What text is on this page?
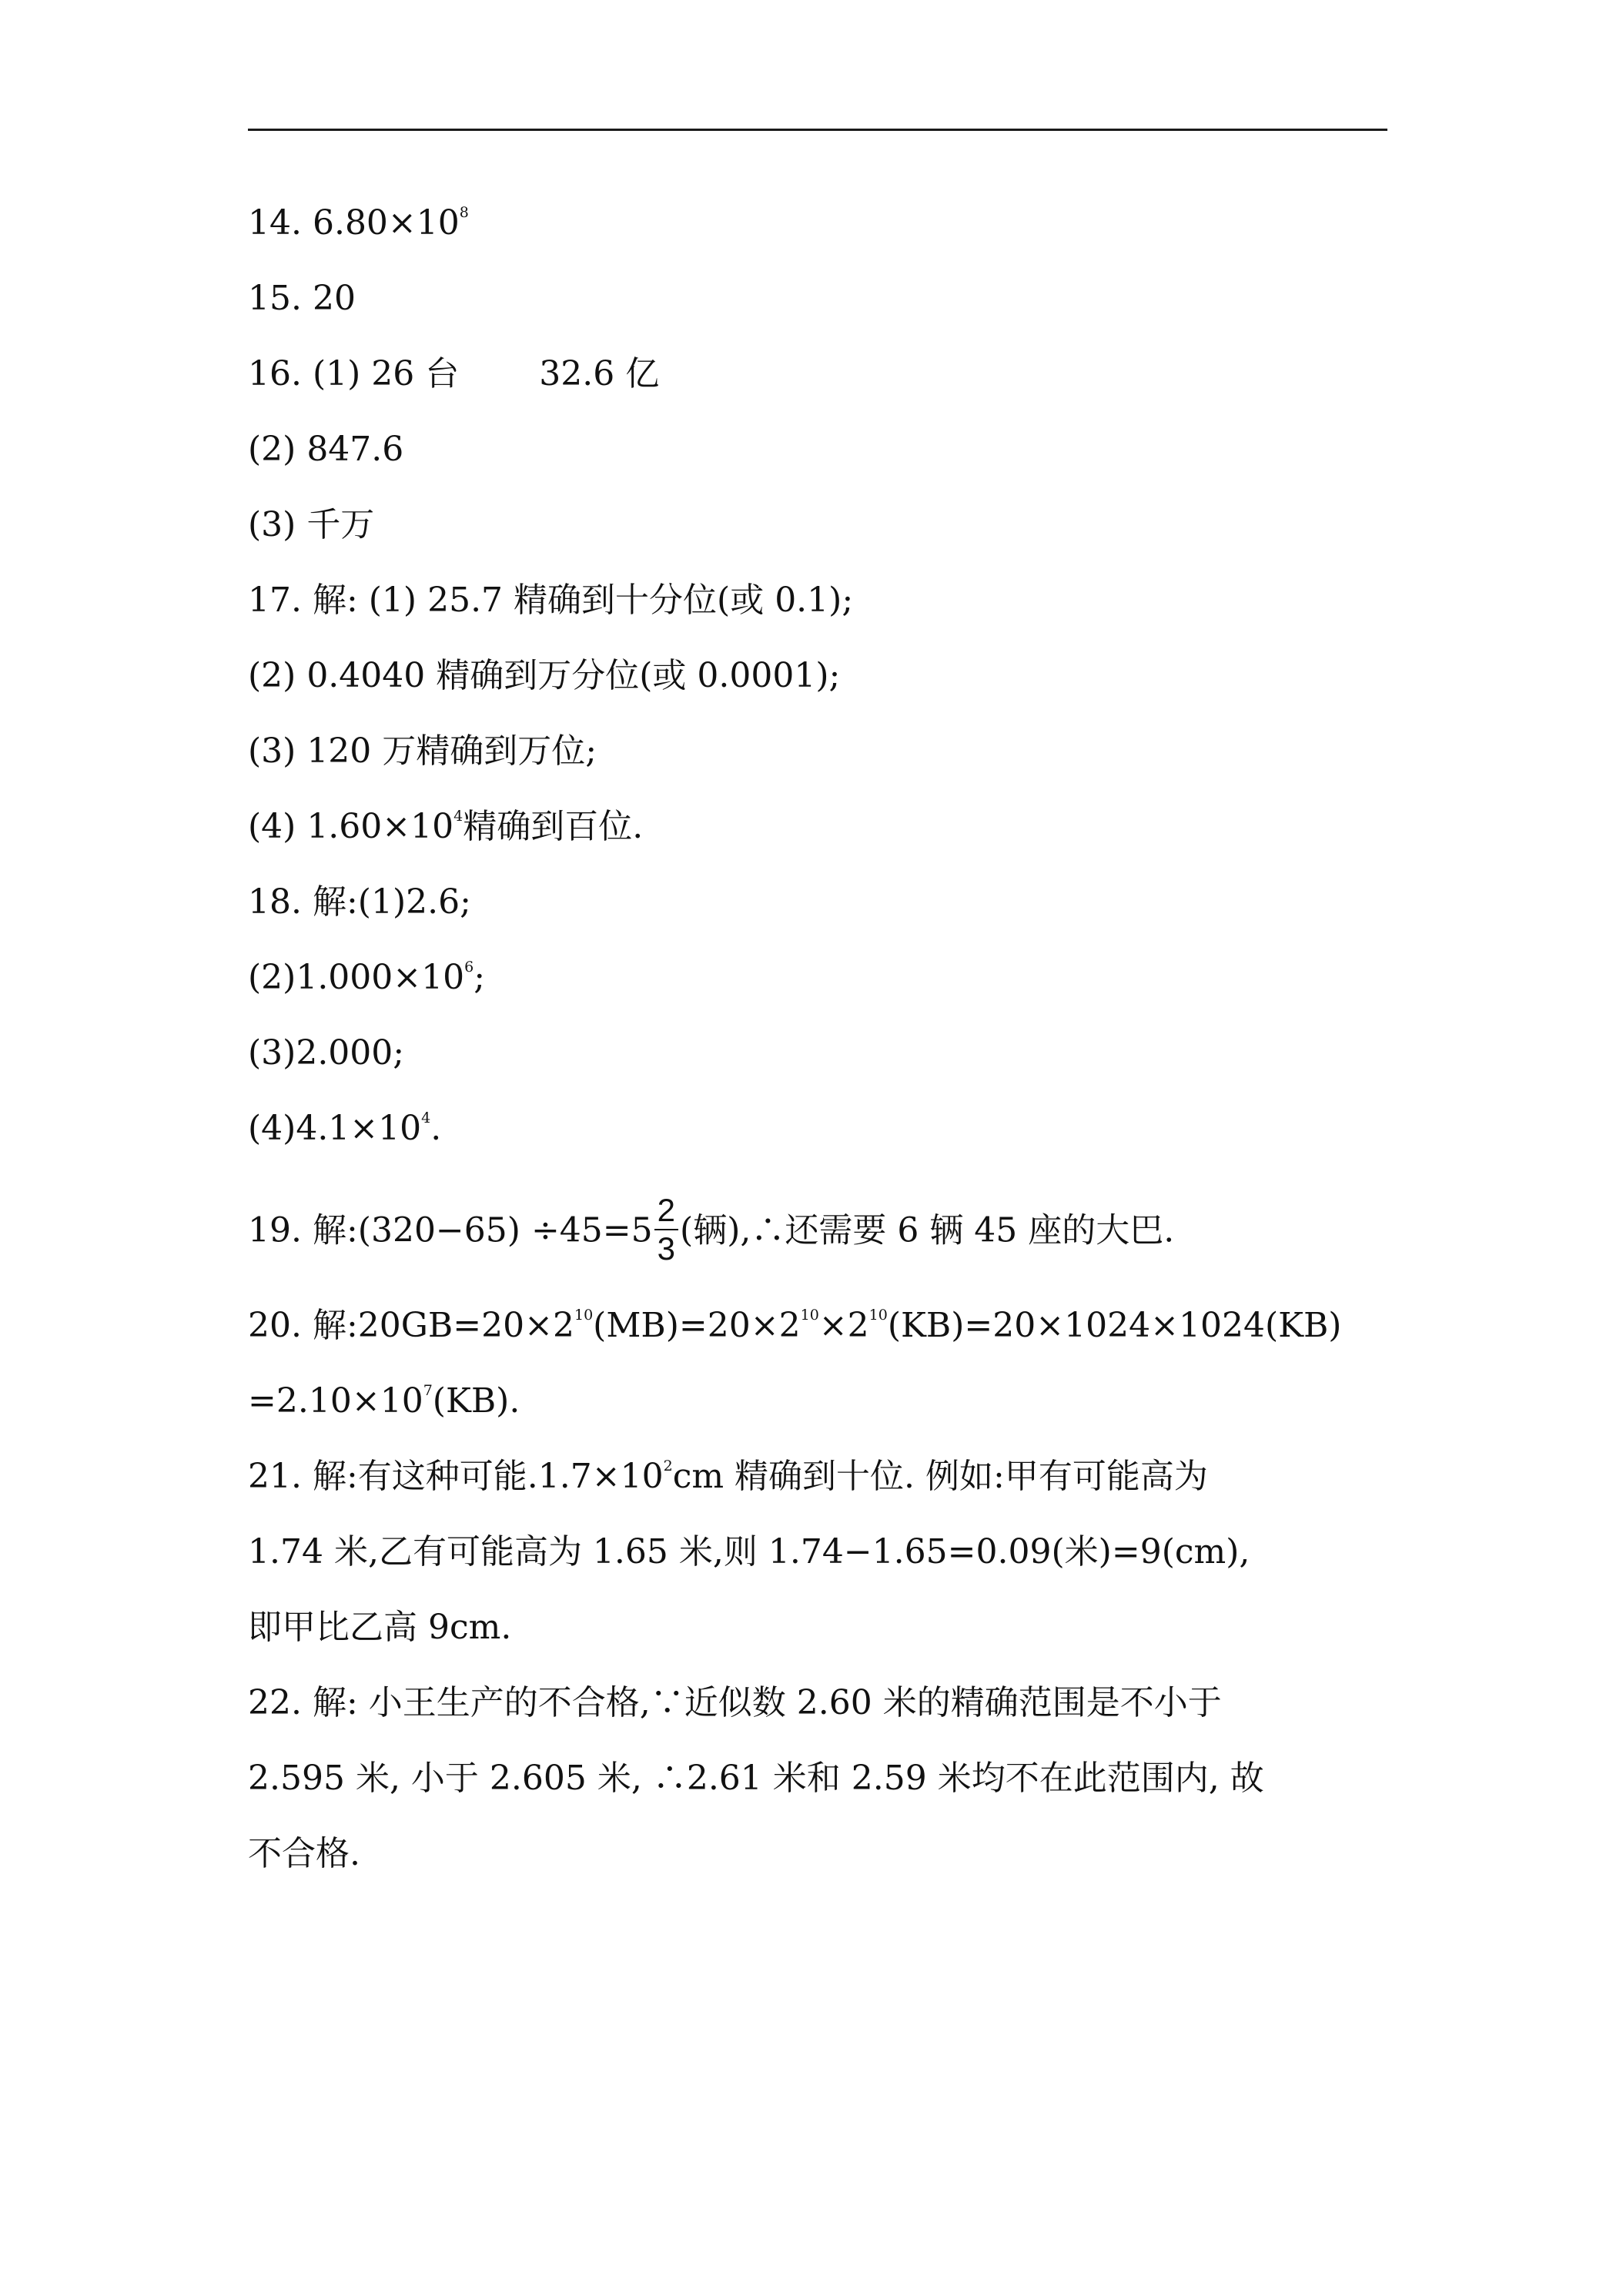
14. $6.80\times 10^8$
15. 20
16. (1) 26 台 32.6 亿
(2) 847.6
(3) 千万
17. 解: (1) 25.7 精确到十分位(或 0.1);
(2) 0.4040 精确到万分位(或 0.0001);
(3) 120 万精确到万位;
(4) $1.60\times 10^4$精确到百位.
18. 解:(1)2.6;
$(2)1.000\times 10^6$;
(3)2.000;
$(4)4.1\times 10^4$.
19. 解:(320−65) $\div 45=5 \frac{2}{3}$ (辆),∴还需要 6 辆 45 座的大巴.
20. 解$:20GB=20\times 2^{10}(MB)=20\times 2^{10}\times 2^{10}(KB)=20\times 1024\times 1024(KB)$
$=2.10\times 10^7(KB)$.
21. 解:有这种可能$.1.7\times 10^2cm$ 精确到十位. 例如:甲有可能高为
1.74 米,乙有可能高为 1.65 米,则 1.74−1.65=0.09(米)=9(cm),
即甲比乙高 9cm.
22. 解: 小王生产的不合格,∵近似数 2.60 米的精确范围是不小于
2.595 米, 小于 2.605 米, ∴2.61 米和 2.59 米均不在此范围内, 故
不合格.
